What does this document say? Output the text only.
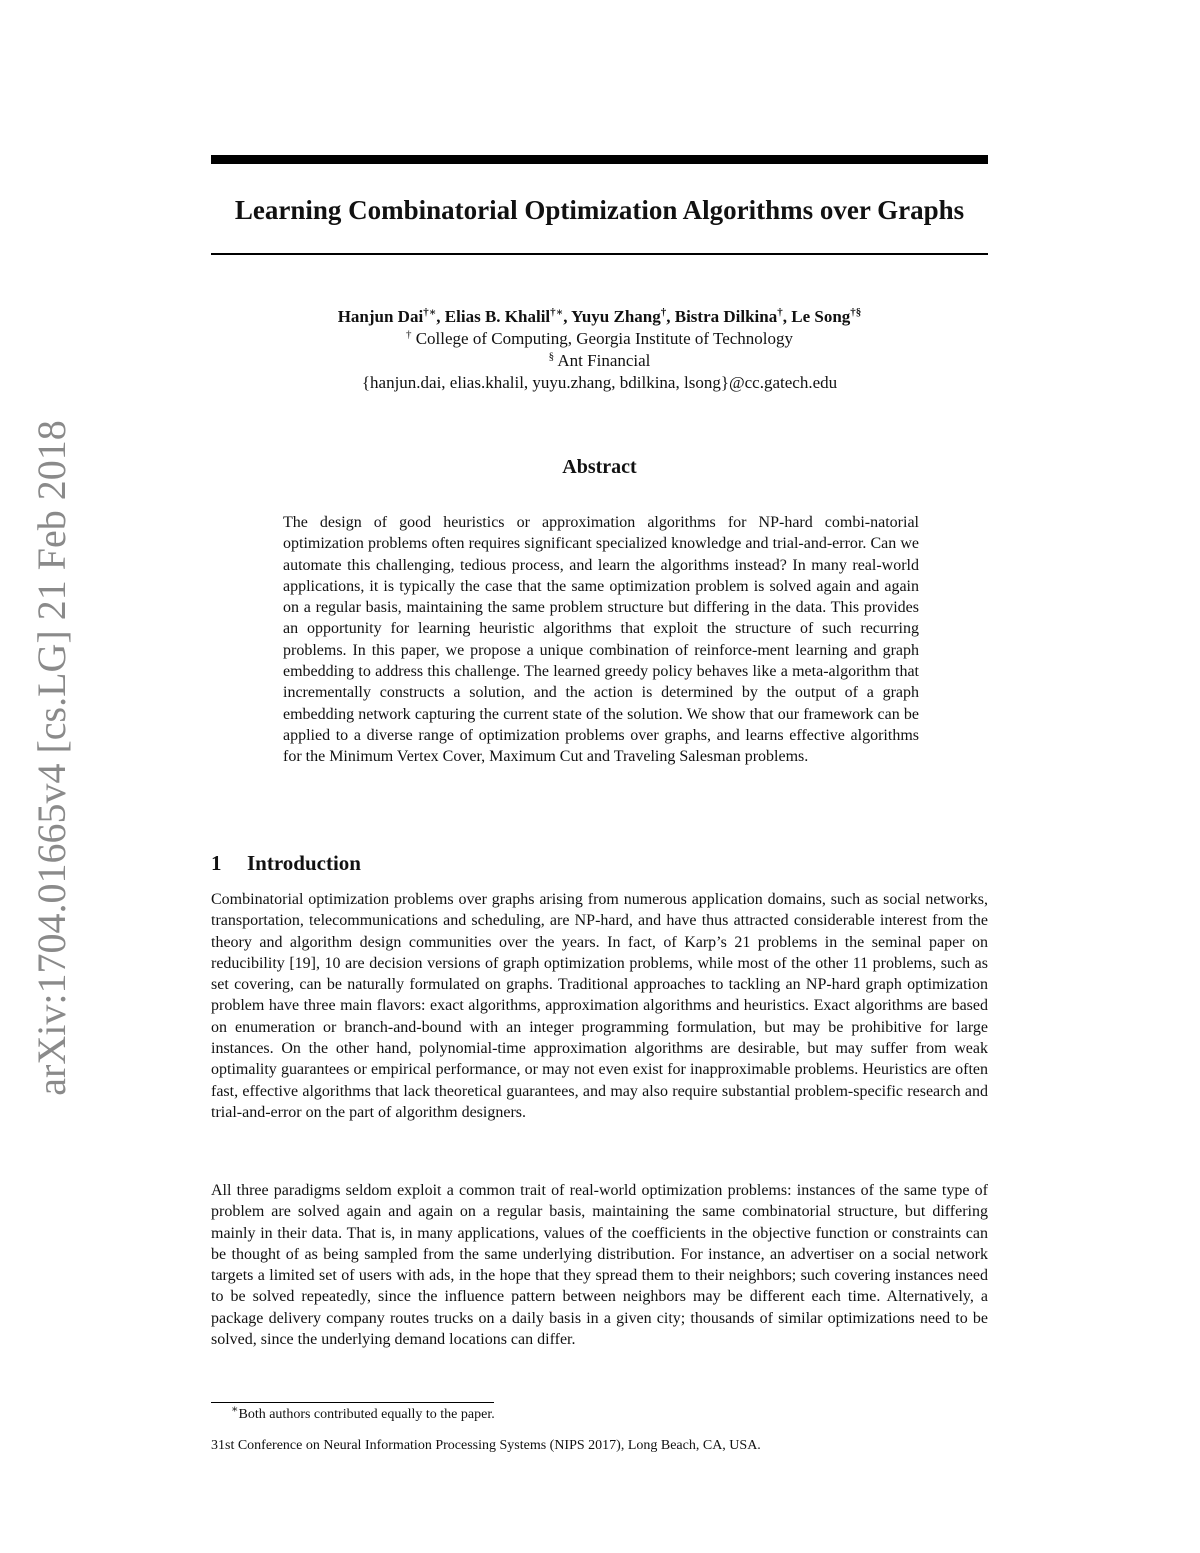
arXiv:1704.01665v4 [cs.LG] 21 Feb 2018
Learning Combinatorial Optimization Algorithms over Graphs
Hanjun Dai†∗, Elias B. Khalil†∗, Yuyu Zhang†, Bistra Dilkina†, Le Song†§
† College of Computing, Georgia Institute of Technology
§ Ant Financial
{hanjun.dai, elias.khalil, yuyu.zhang, bdilkina, lsong}@cc.gatech.edu
Abstract
The design of good heuristics or approximation algorithms for NP-hard combi-natorial optimization problems often requires significant specialized knowledge and trial-and-error. Can we automate this challenging, tedious process, and learn the algorithms instead? In many real-world applications, it is typically the case that the same optimization problem is solved again and again on a regular basis, maintaining the same problem structure but differing in the data. This provides an opportunity for learning heuristic algorithms that exploit the structure of such recurring problems. In this paper, we propose a unique combination of reinforce-ment learning and graph embedding to address this challenge. The learned greedy policy behaves like a meta-algorithm that incrementally constructs a solution, and the action is determined by the output of a graph embedding network capturing the current state of the solution. We show that our framework can be applied to a diverse range of optimization problems over graphs, and learns effective algorithms for the Minimum Vertex Cover, Maximum Cut and Traveling Salesman problems.
1 Introduction
Combinatorial optimization problems over graphs arising from numerous application domains, such as social networks, transportation, telecommunications and scheduling, are NP-hard, and have thus attracted considerable interest from the theory and algorithm design communities over the years. In fact, of Karp’s 21 problems in the seminal paper on reducibility [19], 10 are decision versions of graph optimization problems, while most of the other 11 problems, such as set covering, can be naturally formulated on graphs. Traditional approaches to tackling an NP-hard graph optimization problem have three main flavors: exact algorithms, approximation algorithms and heuristics. Exact algorithms are based on enumeration or branch-and-bound with an integer programming formulation, but may be prohibitive for large instances. On the other hand, polynomial-time approximation algorithms are desirable, but may suffer from weak optimality guarantees or empirical performance, or may not even exist for inapproximable problems. Heuristics are often fast, effective algorithms that lack theoretical guarantees, and may also require substantial problem-specific research and trial-and-error on the part of algorithm designers.
All three paradigms seldom exploit a common trait of real-world optimization problems: instances of the same type of problem are solved again and again on a regular basis, maintaining the same combinatorial structure, but differing mainly in their data. That is, in many applications, values of the coefficients in the objective function or constraints can be thought of as being sampled from the same underlying distribution. For instance, an advertiser on a social network targets a limited set of users with ads, in the hope that they spread them to their neighbors; such covering instances need to be solved repeatedly, since the influence pattern between neighbors may be different each time. Alternatively, a package delivery company routes trucks on a daily basis in a given city; thousands of similar optimizations need to be solved, since the underlying demand locations can differ.
∗Both authors contributed equally to the paper.
31st Conference on Neural Information Processing Systems (NIPS 2017), Long Beach, CA, USA.
